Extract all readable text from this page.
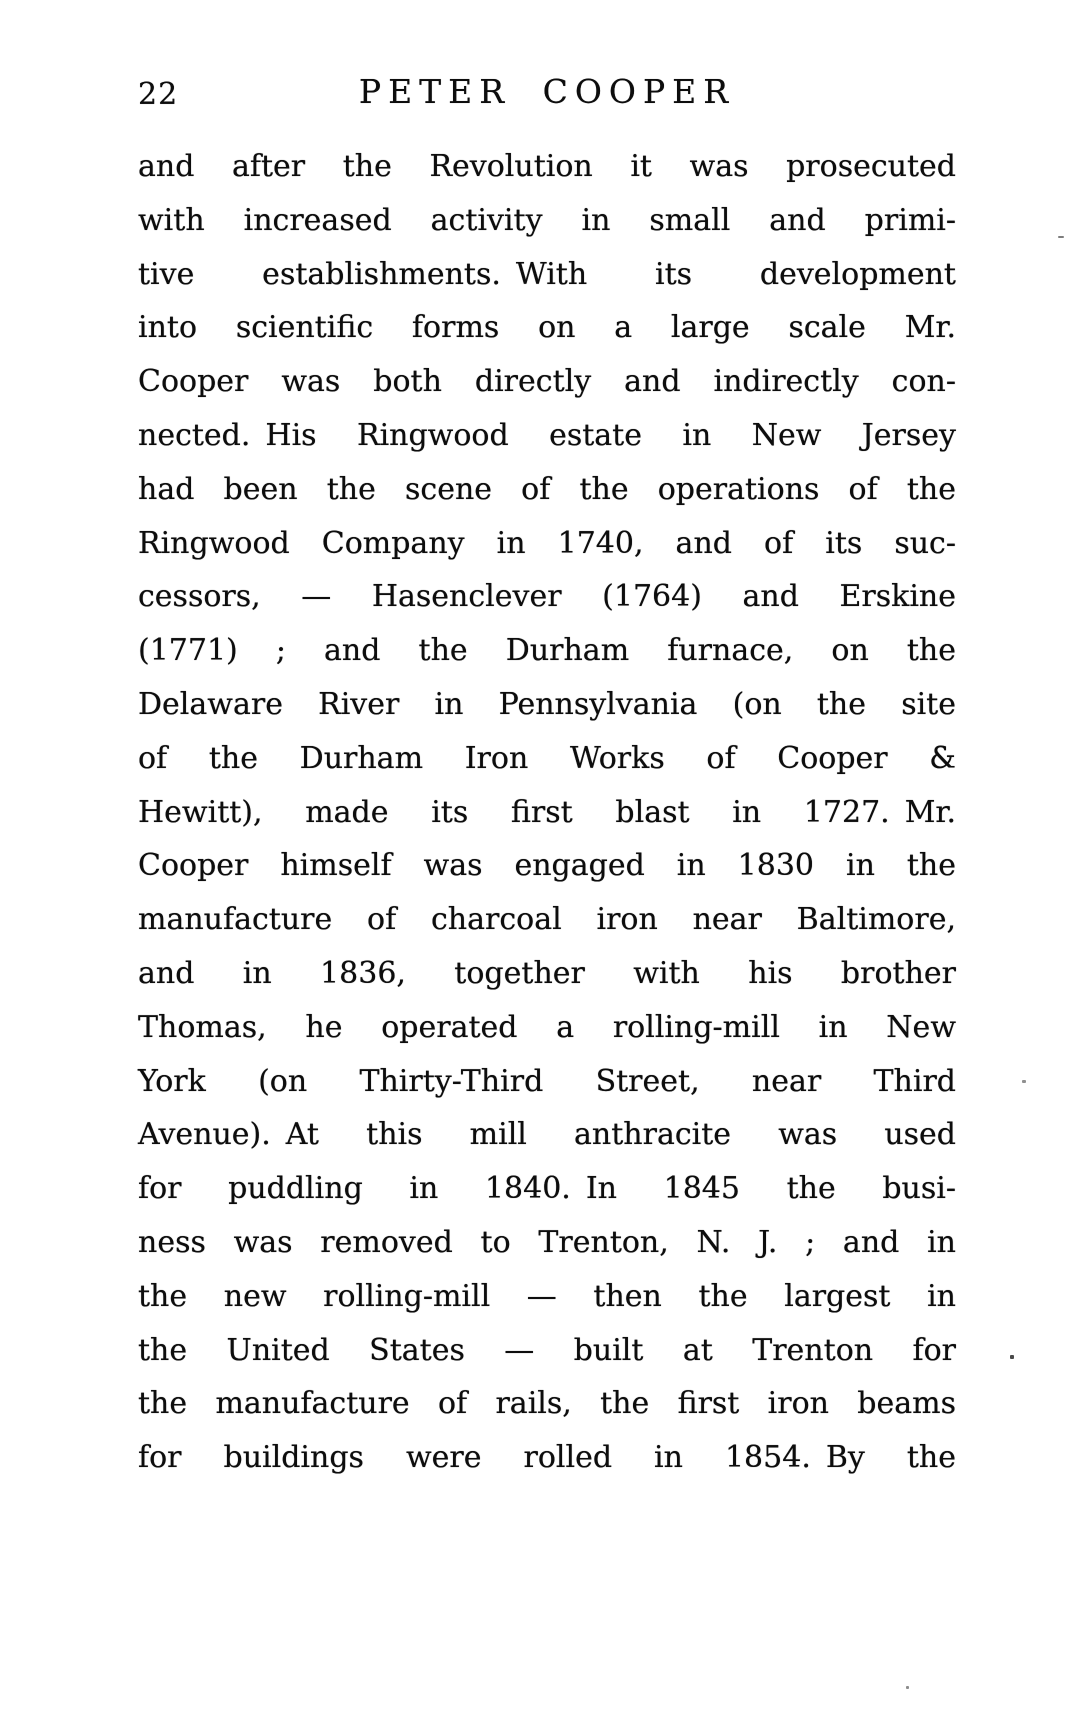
22	PETER COOPER
and after the Revolution it was prosecuted
with increased activity in small and primi-
tive establishments. With its development
into scientific forms on a large scale Mr.
Cooper was both directly and indirectly con-
nected. His Ringwood estate in New Jersey
had been the scene of the operations of the
Ringwood Company in 1740, and of its suc-
cessors, — Hasenclever (1764) and Erskine
(1771) ; and the Durham furnace, on the
Delaware River in Pennsylvania (on the site
of the Durham Iron Works of Cooper &
Hewitt), made its first blast in 1727. Mr.
Cooper himself was engaged in 1830 in the
manufacture of charcoal iron near Baltimore,
and in 1836, together with his brother
Thomas, he operated a rolling-mill in New
York (on Thirty-Third Street, near Third
Avenue). At this mill anthracite was used
for puddling in 1840. In 1845 the busi-
ness was removed to Trenton, N. J. ; and in
the new rolling-mill — then the largest in
the United States — built at Trenton for
the manufacture of rails, the first iron beams
for buildings were rolled in 1854. By the
